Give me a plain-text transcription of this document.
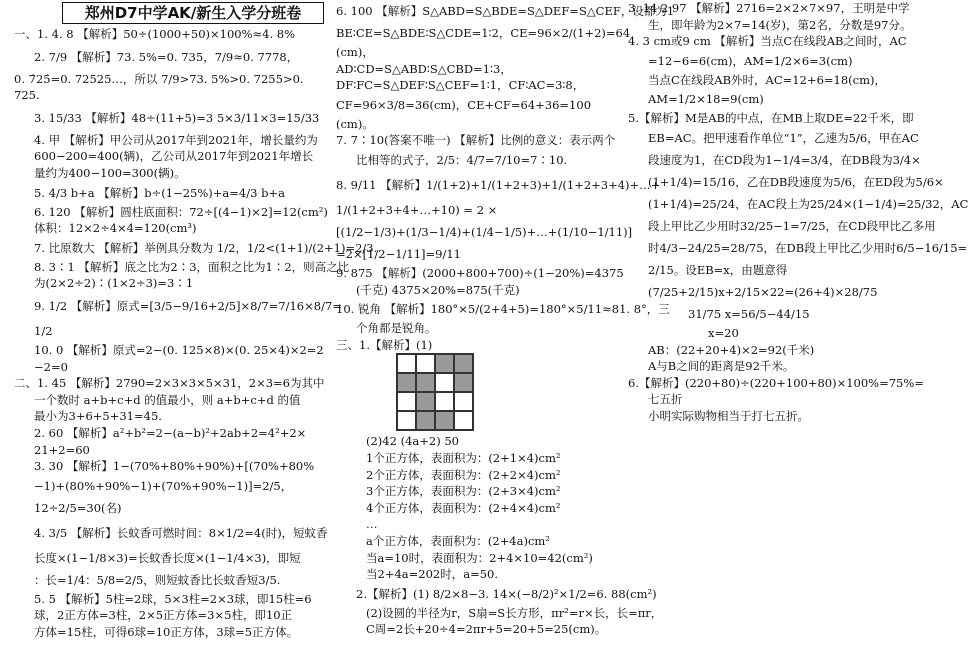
郑州D7中学AK/新生入学分班卷
一、1. 4. 8 【解析】50÷(1000+50)×100%≈4. 8%
2. 7/9 【解析】73. 5%=0. 735，7/9≈0. 7778，
0. 7̇25̇=0. 72525…，所以 7/9>73. 5%>0. 7255>0.
725.
3. 15/33 【解析】48÷(11+5)=3 5×3/11×3=15/33
4. 甲 【解析】甲公司从2017年到2021年，增长量约为
600−200=400(辆)，乙公司从2017年到2021年增长
量约为400−100=300(辆)。
5. 4/3 b+a 【解析】b÷(1−25%)+a=4/3 b+a
6. 120 【解析】圆柱底面积：72÷[(4−1)×2]=12(cm²)
体积：12×2÷4×4=120(cm³)
7. 比原数大 【解析】举例具分数为 1/2，1/2<(1+1)/(2+1)=2/3.
8. 3∶1 【解析】底之比为2∶3，面积之比为1∶2，则高之比
为(2×2÷2)∶(1×2÷3)=3∶1
9. 1/2 【解析】原式=[3/5−9/16+2/5]×8/7=7/16×8/7=
1/2
10. 0 【解析】原式=2−(0. 125×8)×(0. 25×4)×2=2
−2=0
二、1. 45 【解析】2790=2×3×3×5×31，2×3=6为其中
一个数时 a+b+c+d 的值最小，则 a+b+c+d 的值
最小为3+6+5+31=45.
2. 60 【解析】a²+b²=2−(a−b)²+2ab+2=4²+2×
21+2=60
3. 30 【解析】1−(70%+80%+90%)+[(70%+80%
−1)+(80%+90%−1)+(70%+90%−1)]=2/5，
12÷2/5=30(名)
4. 3/5 【解析】长蚊香可燃时间：8×1/2=4(时)，短蚊香
长度×(1−1/8×3)=长蚊香长度×(1−1/4×3)，即短
：长=1/4：5/8=2/5，则短蚊香比长蚊香短3/5.
5. 5 【解析】5柱=2球，5×3柱=2×3球，即15柱=6
球，2正方体=3柱，2×5正方体=3×5柱，即10正
方体=15柱，可得6球=10正方体，3球=5正方体。
6. 100 【解析】S△ABD=S△BDE=S△DEF=S△CEF，设都为1
BE∶CE=S△BDE∶S△CDE=1∶2，CE=96×2/(1+2)=64
(cm)，
AD∶CD=S△ABD∶S△CBD=1∶3，
DF∶FC=S△DEF∶S△CEF=1∶1，CF∶AC=3∶8，
CF=96×3/8=36(cm)，CE+CF=64+36=100
(cm)。
7. 7∶10(答案不唯一) 【解析】比例的意义：表示两个
比相等的式子，2/5：4/7=7/10=7∶10.
8. 9/11 【解析】1/(1+2)+1/(1+2+3)+1/(1+2+3+4)+…+
1/(1+2+3+4+…+10) = 2 ×
[(1/2−1/3)+(1/3−1/4)+(1/4−1/5)+…+(1/10−1/11)]
=2×[1/2−1/11]=9/11
9. 875 【解析】(2000+800+700)÷(1−20%)=4375
(千克) 4375×20%=875(千克)
10. 锐角 【解析】180°×5/(2+4+5)=180°×5/11≈81. 8°，三
个角都是锐角。
三、1.【解析】(1)
(2)42 (4a+2) 50
1个正方体，表面积为：(2+1×4)cm²
2个正方体，表面积为：(2+2×4)cm²
3个正方体，表面积为：(2+3×4)cm²
4个正方体，表面积为：(2+4×4)cm²
…
a个正方体，表面积为：(2+4a)cm²
当a=10时，表面积为：2+4×10=42(cm²)
当2+4a=202时，a=50.
2.【解析】(1) 8/2×8−3. 14×(−8/2)²×1/2=6. 88(cm²)
(2)设圆的半径为r，S扇=S长方形，πr²=r×长，长=πr，
C周=2长+20÷4=2πr+5=20+5=25(cm)。
3. 14 2 97 【解析】2716=2×2×7×97，王明是中学
生，即年龄为2×7=14(岁)，第2名，分数是97分。
4. 3 cm或9 cm 【解析】当点C在线段AB之间时，AC
=12−6=6(cm)，AM=1/2×6=3(cm)
当点C在线段AB外时，AC=12+6=18(cm)，
AM=1/2×18=9(cm)
5.【解析】M是AB的中点，在MB上取DE=22千米，即
EB=AC。把甲速看作单位“1”，乙速为5/6，甲在AC
段速度为1，在CD段为1−1/4=3/4，在DB段为3/4×
(1+1/4)=15/16，乙在DB段速度为5/6，在ED段为5/6×
(1+1/4)=25/24，在AC段上为25/24×(1−1/4)=25/32，AC
段上甲比乙少用时32/25−1=7/25，在CD段甲比乙多用
时4/3−24/25=28/75，在DB段上甲比乙少用时6/5−16/15=
2/15。设EB=x，由题意得
(7/25+2/15)x+2/15×22=(26+4)×28/75
31/75 x=56/5−44/15
x=20
AB：(22+20+4)×2=92(千米)
A与B之间的距离是92千米。
6.【解析】(220+80)÷(220+100+80)×100%=75%=
七五折
小明实际购物相当于打七五折。
